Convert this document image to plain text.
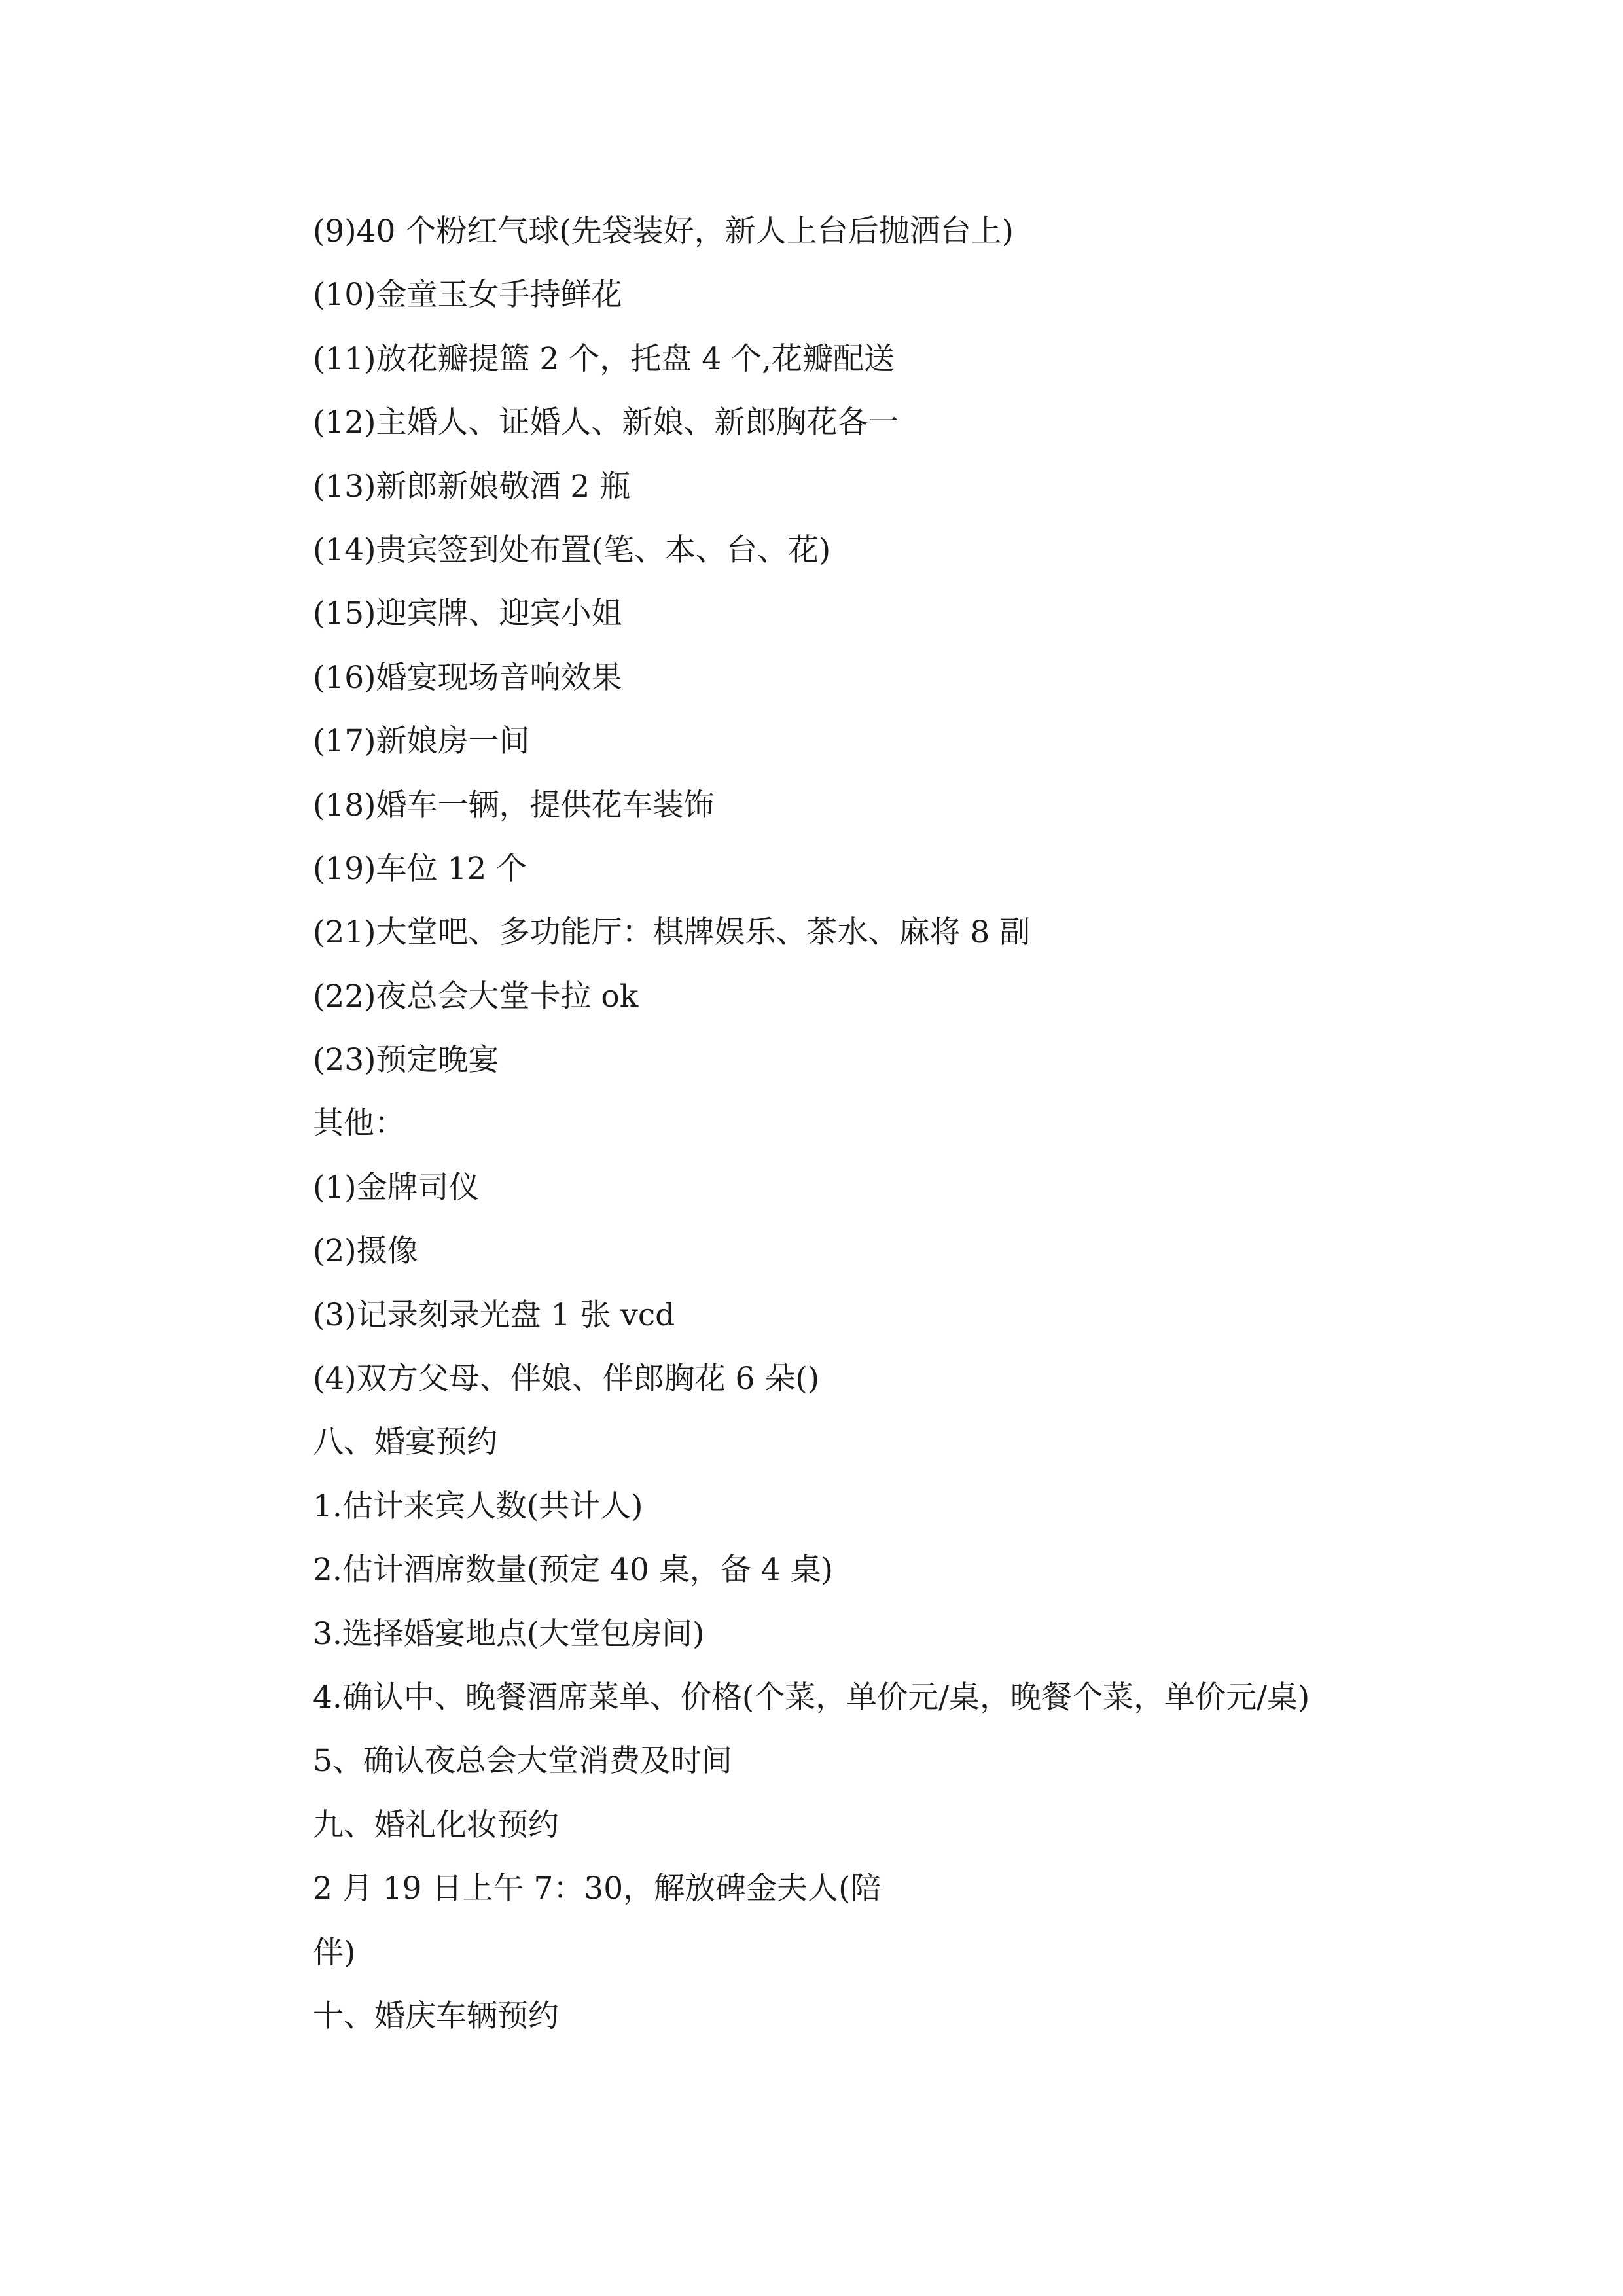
(9)40 个粉红气球(先袋装好，新人上台后抛洒台上)
(10)金童玉女手持鲜花
(11)放花瓣提篮 2 个，托盘 4 个,花瓣配送
(12)主婚人、证婚人、新娘、新郎胸花各一
(13)新郎新娘敬酒 2 瓶
(14)贵宾签到处布置(笔、本、台、花)
(15)迎宾牌、迎宾小姐
(16)婚宴现场音响效果
(17)新娘房一间
(18)婚车一辆，提供花车装饰
(19)车位 12 个
(21)大堂吧、多功能厅：棋牌娱乐、茶水、麻将 8 副
(22)夜总会大堂卡拉 ok
(23)预定晚宴
其他：
(1)金牌司仪
(2)摄像
(3)记录刻录光盘 1 张 vcd
(4)双方父母、伴娘、伴郎胸花 6 朵()
八、婚宴预约
1.估计来宾人数(共计人)
2.估计酒席数量(预定 40 桌，备 4 桌)
3.选择婚宴地点(大堂包房间)
4.确认中、晚餐酒席菜单、价格(个菜，单价元/桌，晚餐个菜，单价元/桌)
5、确认夜总会大堂消费及时间
九、婚礼化妆预约
2 月 19 日上午 7：30，解放碑金夫人(陪
伴)
十、婚庆车辆预约
